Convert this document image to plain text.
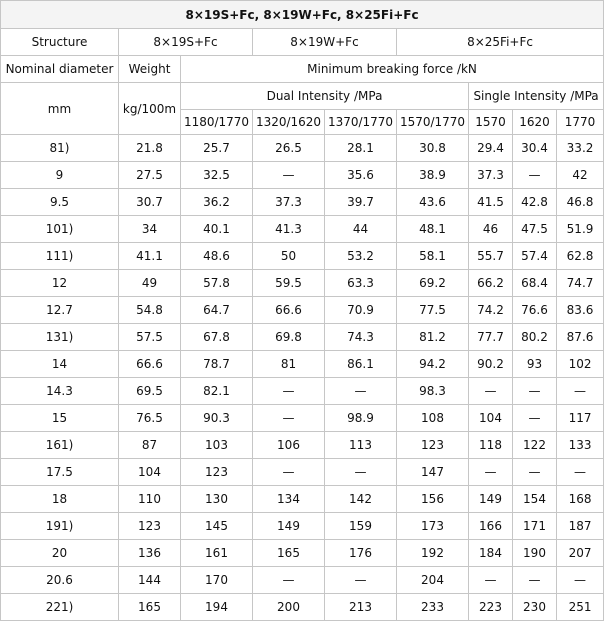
8×19S+Fc, 8×19W+Fc, 8×25Fi+Fc								
Structure	8×19S+Fc		8×19W+Fc		8×25Fi+Fc			
Nominal diameter	Weight	Minimum breaking force /kN						
mm	kg/100m	Dual Intensity /MPa				Single Intensity /MPa		
		1180/1770	1320/1620	1370/1770	1570/1770	1570	1620	1770
81)	21.8	25.7	26.5	28.1	30.8	29.4	30.4	33.2
9	27.5	32.5	—	35.6	38.9	37.3	—	42
9.5	30.7	36.2	37.3	39.7	43.6	41.5	42.8	46.8
101)	34	40.1	41.3	44	48.1	46	47.5	51.9
111)	41.1	48.6	50	53.2	58.1	55.7	57.4	62.8
12	49	57.8	59.5	63.3	69.2	66.2	68.4	74.7
12.7	54.8	64.7	66.6	70.9	77.5	74.2	76.6	83.6
131)	57.5	67.8	69.8	74.3	81.2	77.7	80.2	87.6
14	66.6	78.7	81	86.1	94.2	90.2	93	102
14.3	69.5	82.1	—	—	98.3	—	—	—
15	76.5	90.3	—	98.9	108	104	—	117
161)	87	103	106	113	123	118	122	133
17.5	104	123	—	—	147	—	—	—
18	110	130	134	142	156	149	154	168
191)	123	145	149	159	173	166	171	187
20	136	161	165	176	192	184	190	207
20.6	144	170	—	—	204	—	—	—
221)	165	194	200	213	233	223	230	251
